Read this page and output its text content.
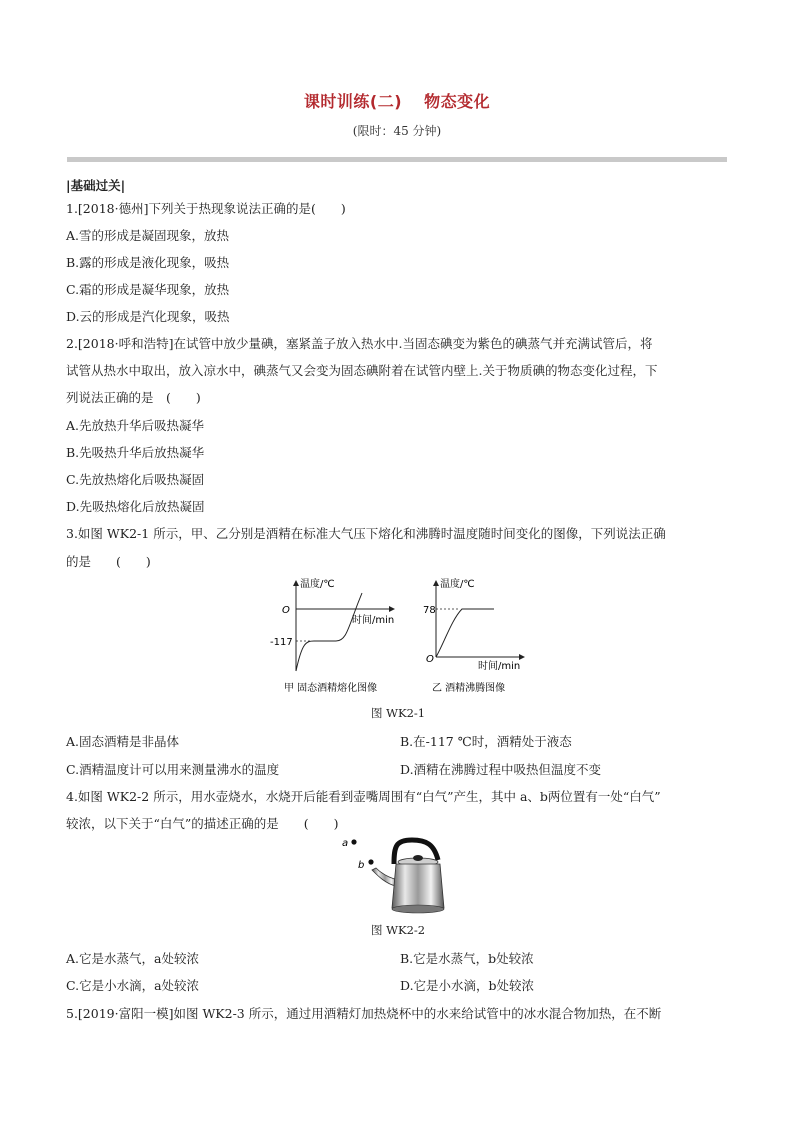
课时训练(二) 物态变化
(限时：45 分钟)
|基础过关|
1.[2018·德州]下列关于热现象说法正确的是(　　)
A.雪的形成是凝固现象，放热
B.露的形成是液化现象，吸热
C.霜的形成是凝华现象，放热
D.云的形成是汽化现象，吸热
2.[2018·呼和浩特]在试管中放少量碘，塞紧盖子放入热水中.当固态碘变为紫色的碘蒸气并充满试管后，将
试管从热水中取出，放入凉水中，碘蒸气又会变为固态碘附着在试管内壁上.关于物质碘的物态变化过程，下
列说法正确的是　(　　)
A.先放热升华后吸热凝华
B.先吸热升华后放热凝华
C.先放热熔化后吸热凝固
D.先吸热熔化后放热凝固
3.如图 WK2-1 所示，甲、乙分别是酒精在标准大气压下熔化和沸腾时温度随时间变化的图像，下列说法正确
的是　　(　　)
温度/℃
O
-117
时间/min
温度/℃
78
O
时间/min
甲 固态酒精熔化图像	乙 酒精沸腾图像
图 WK2-1
A.固态酒精是非晶体	B.在-117 ℃时，酒精处于液态
C.酒精温度计可以用来测量沸水的温度	D.酒精在沸腾过程中吸热但温度不变
4.如图 WK2-2 所示，用水壶烧水，水烧开后能看到壶嘴周围有“白气”产生，其中 a、b两位置有一处“白气”
较浓，以下关于“白气”的描述正确的是　　(　　)
a
b
图 WK2-2
A.它是水蒸气，a处较浓	B.它是水蒸气，b处较浓
C.它是小水滴，a处较浓	D.它是小水滴，b处较浓
5.[2019·富阳一模]如图 WK2-3 所示，通过用酒精灯加热烧杯中的水来给试管中的冰水混合物加热，在不断
